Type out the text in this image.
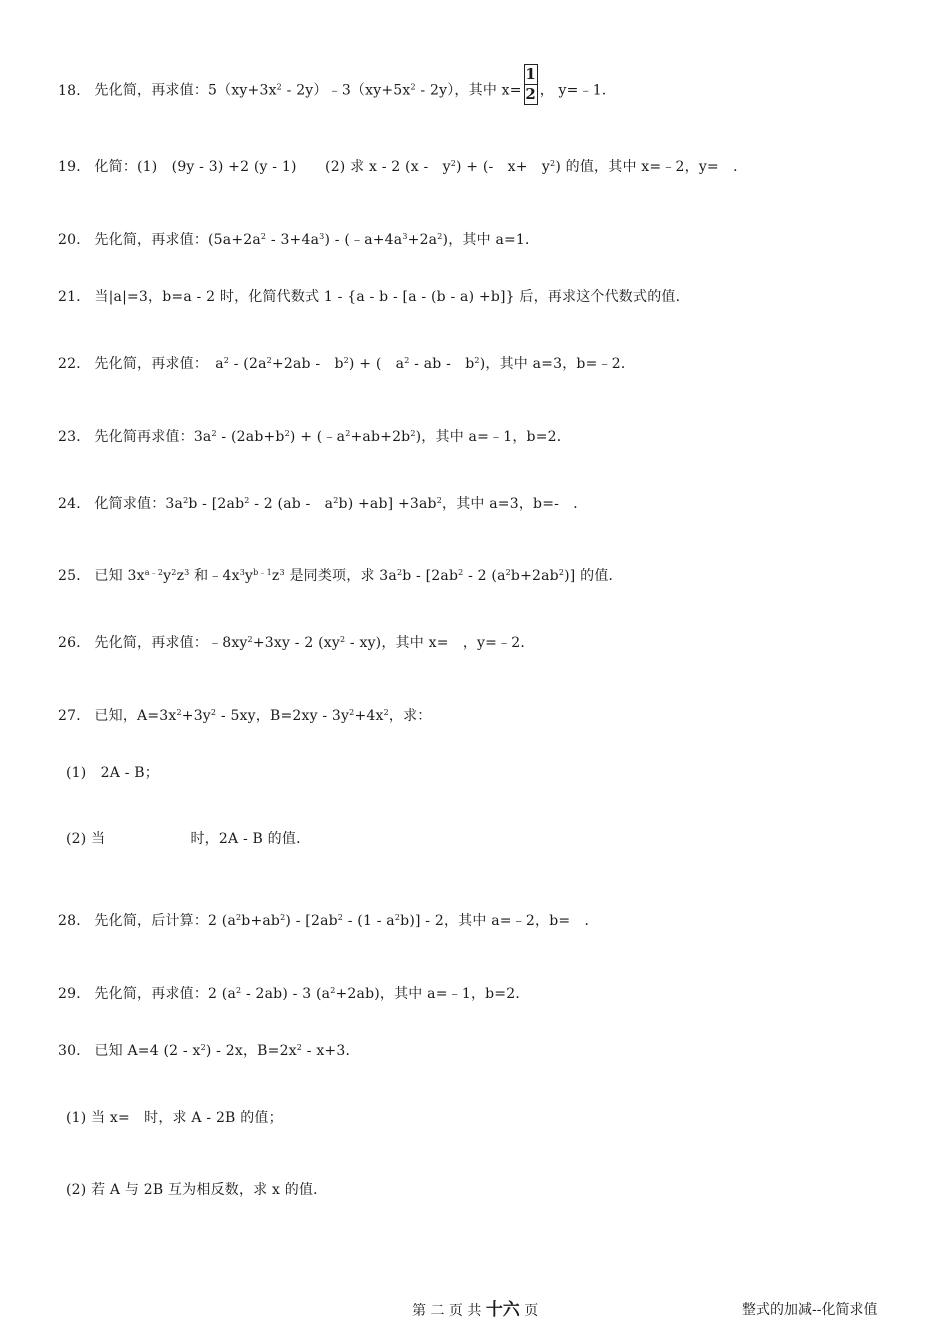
18． 先化简，再求值：$5(xy+3x^2$ - $2y)﹣3(xy+5x^2 - 2y)$，其中 $x= \frac{1}{2}$ ， y=﹣1．
19． 化简：(1)　(9y - 3) +2 (y - 1)　　(2) 求 x - 2 (x -　$y^2$) + (-　x+　$y^2$) 的值，其中 x=﹣2，y=　．
20． 先化简，再求值：$(5a+2a^2 - 3+4a^3)$ - $(﹣a+4a^3+2a^2)$，其中 a=1．
21． 当|a|=3，b=a - 2 时，化简代数式 1 - {a - b - [a - (b - a) +b]} 后，再求这个代数式的值．
22． 先化简，再求值：　$a^2 - (2a^2+2ab$ -　$b^2$) + (　$a^2$ - ab -　$b^2$)，其中 a=3，b=﹣2．
23． 先化简再求值：$3a^2 - (2ab+b^2)$ + $(﹣a^2+ab+2b^2)$，其中 a=﹣1，b=2．
24． 化简求值：$3a^2b - [2ab^2 - 2$ (ab -　$a^2b) +ab] +3ab^2$，其中 a=3，b=-　．
25． 已知 $3x^{a﹣2}y^2z^3$ 和$﹣4x^3y^{b﹣1}z^3$ 是同类项，求 $3a^2b - [2ab^2 - 2$ $(a^2b+2ab^2)$] 的值．
26． 先化简，再求值：$﹣8xy^2+3xy - 2$ $(xy^2 - xy)$，其中 x=　，y=﹣2．
27． 已知，$A=3x^2+3y^2 - 5xy$，$B=2xy - 3y^2+4x^2$，求：
(1)　2A - B；
(2) 当　　　　　　时，2A - B 的值．
28． 先化简，后计算：2 $(a^2b+ab^2) - [2ab^2 - (1 - a^2b)] - 2$，其中 a=﹣2，b=　．
29． 先化简，再求值：2 $(a^2 - 2ab) - 3$ $(a^2+2ab)$，其中 a=﹣1，b=2．
30． 已知 A=4 $(2 - x^2) - 2x$，$B=2x^2 - x+3$．
(1) 当 x=　时，求 A - 2B 的值；
(2) 若 A 与 2B 互为相反数，求 x 的值．
第 二 页 共 十六 页	整式的加减--化简求值
